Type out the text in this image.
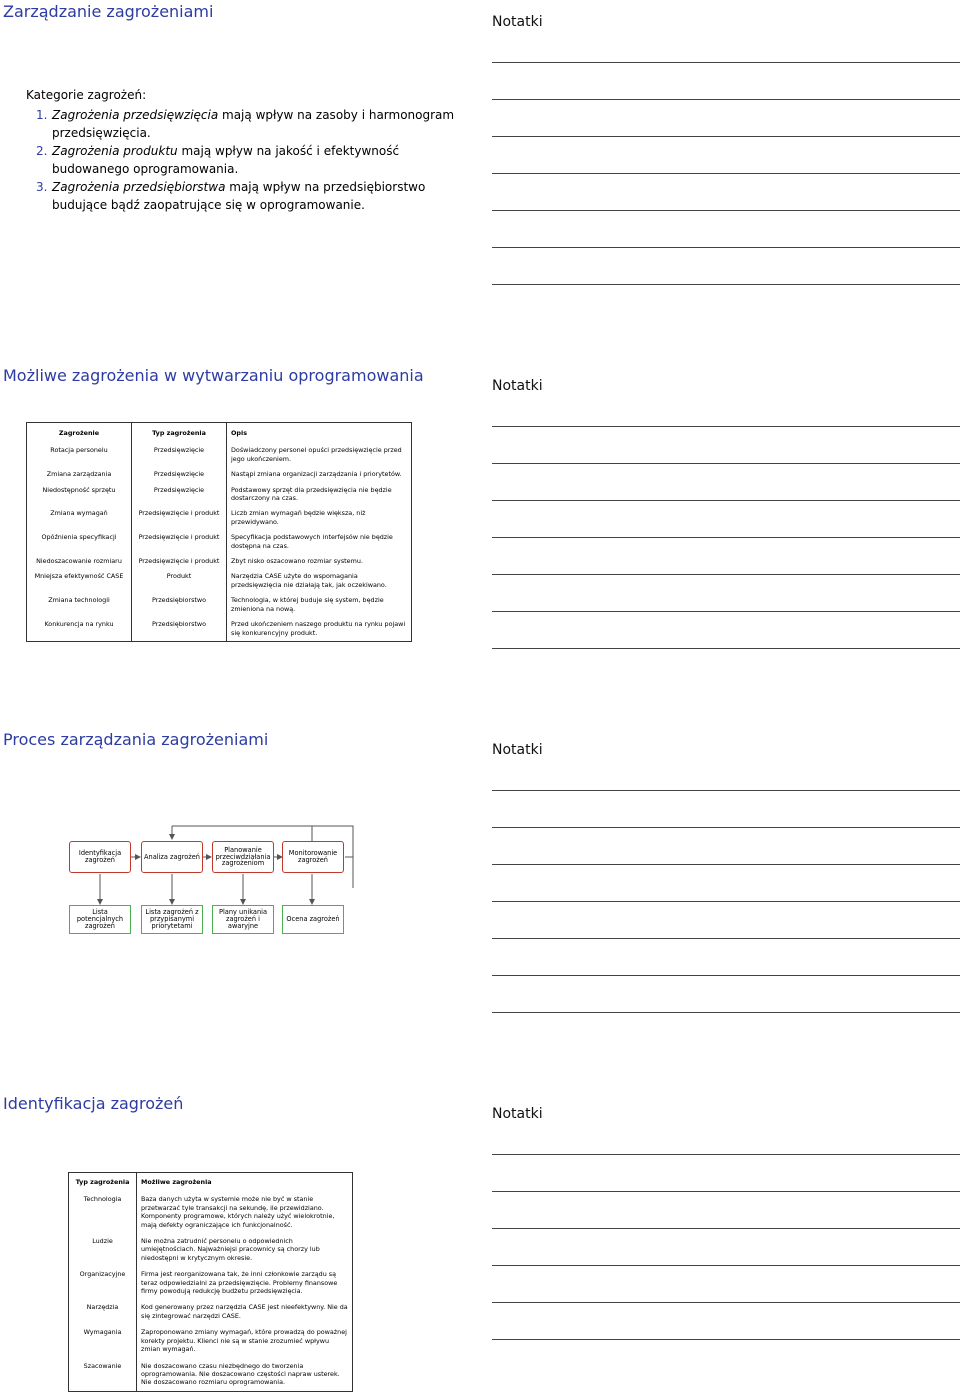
Zarządzanie zagrożeniami
Notatki
Kategorie zagrożeń:
1. Zagrożenia przedsięwzięcia mają wpływ na zasoby i harmonogram przedsięwzięcia.
2. Zagrożenia produktu mają wpływ na jakość i efektywność budowanego oprogramowania.
3. Zagrożenia przedsiębiorstwa mają wpływ na przedsiębiorstwo budujące bądź zaopatrujące się w oprogramowanie.
Możliwe zagrożenia w wytwarzaniu oprogramowania
Notatki
Zagrożenie	Typ zagrożenia	Opis
Rotacja personelu	Przedsięwzięcie	Doświadczony personel opuści przedsięwzięcie przed jego ukończeniem.
Zmiana zarządzania	Przedsięwzięcie	Nastąpi zmiana organizacji zarządzania i priorytetów.
Niedostępność sprzętu	Przedsięwzięcie	Podstawowy sprzęt dla przedsięwzięcia nie będzie dostarczony na czas.
Zmiana wymagań	Przedsięwzięcie i produkt	Liczb zmian wymagań będzie większa, niż przewidywano.
Opóźnienia specyfikacji	Przedsięwzięcie i produkt	Specyfikacja podstawowych interfejsów nie będzie dostępna na czas.
Niedoszacowanie rozmiaru	Przedsięwzięcie i produkt	Zbyt nisko oszacowano rozmiar systemu.
Mniejsza efektywność CASE	Produkt	Narzędzia CASE użyte do wspomagania przedsięwzięcia nie działają tak, jak oczekiwano.
Zmiana technologii	Przedsiębiorstwo	Technologia, w której buduje się system, będzie zmieniona na nową.
Konkurencja na rynku	Przedsiębiorstwo	Przed ukończeniem naszego produktu na rynku pojawi się konkurencyjny produkt.
Proces zarządzania zagrożeniami
Notatki
Identyfikacja zagrożeń	Analiza zagrożeń
Planowanie przeciwdziałania zagrożeniom
Monitorowanie zagrożeń
Lista potencjalnych zagrożeń
Lista zagrożeń z przypisanymi priorytetami
Plany unikania zagrożeń i awaryjne
Ocena zagrożeń
Identyfikacja zagrożeń
Notatki
Typ zagrożenia	Możliwe zagrożenia
Technologia	Baza danych użyta w systemie może nie być w stanie przetwarzać tyle transakcji na sekundę, ile przewidziano. Komponenty programowe, których należy użyć wielokrotnie, mają defekty ograniczające ich funkcjonalność.
Ludzie	Nie można zatrudnić personelu o odpowiednich umiejętnościach. Najważniejsi pracownicy są chorzy lub niedostępni w krytycznym okresie.
Organizacyjne	Firma jest reorganizowana tak, że inni członkowie zarządu są teraz odpowiedzialni za przedsięwzięcie. Problemy finansowe firmy powodują redukcję budżetu przedsięwzięcia.
Narzędzia	Kod generowany przez narzędzia CASE jest nieefektywny. Nie da się zintegrować narzędzi CASE.
Wymagania	Zaproponowano zmiany wymagań, które prowadzą do poważnej korekty projektu. Klienci nie są w stanie zrozumieć wpływu zmian wymagań.
Szacowanie	Nie doszacowano czasu niezbędnego do tworzenia oprogramowania. Nie doszacowano częstości napraw usterek. Nie doszacowano rozmiaru oprogramowania.
